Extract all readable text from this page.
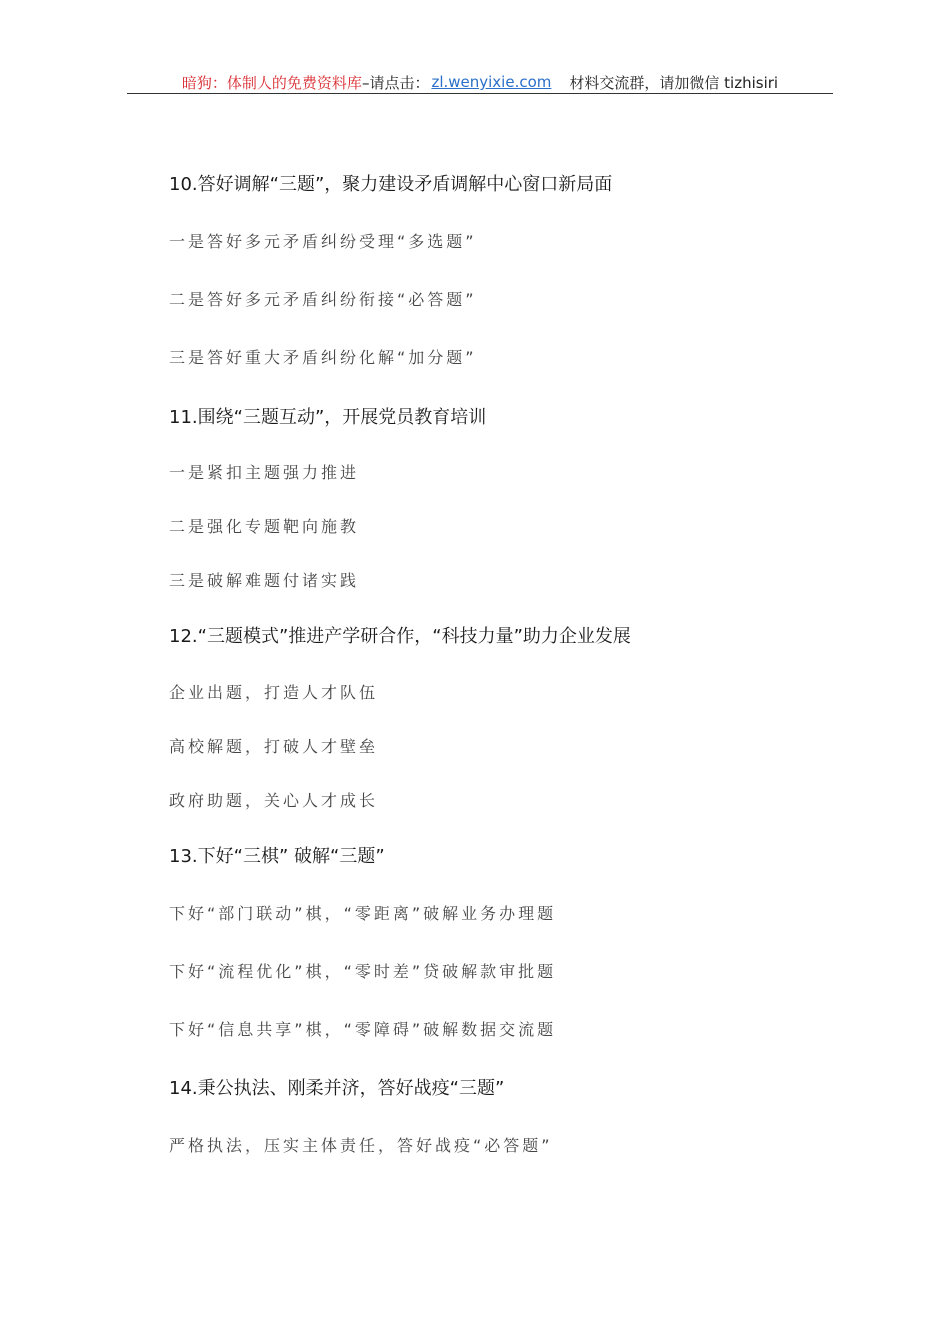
暗狗：体制人的免费资料库 –请点击： zl.wenyixie.com 材料交流群，请加微信 tizhisiri
10.答好调解“三题”，聚力建设矛盾调解中心窗口新局面
一是答好多元矛盾纠纷受理“多选题”
二是答好多元矛盾纠纷衔接“必答题”
三是答好重大矛盾纠纷化解“加分题”
11.围绕“三题互动”，开展党员教育培训
一是紧扣主题强力推进
二是强化专题靶向施教
三是破解难题付诸实践
12.“三题模式”推进产学研合作，“科技力量”助力企业发展
企业出题，打造人才队伍
高校解题，打破人才壁垒
政府助题，关心人才成长
13.下好“三棋” 破解“三题”
下好“部门联动”棋，“零距离”破解业务办理题
下好“流程优化”棋，“零时差”贷破解款审批题
下好“信息共享”棋，“零障碍”破解数据交流题
14.秉公执法、刚柔并济，答好战疫“三题”
严格执法，压实主体责任，答好战疫“必答题”
